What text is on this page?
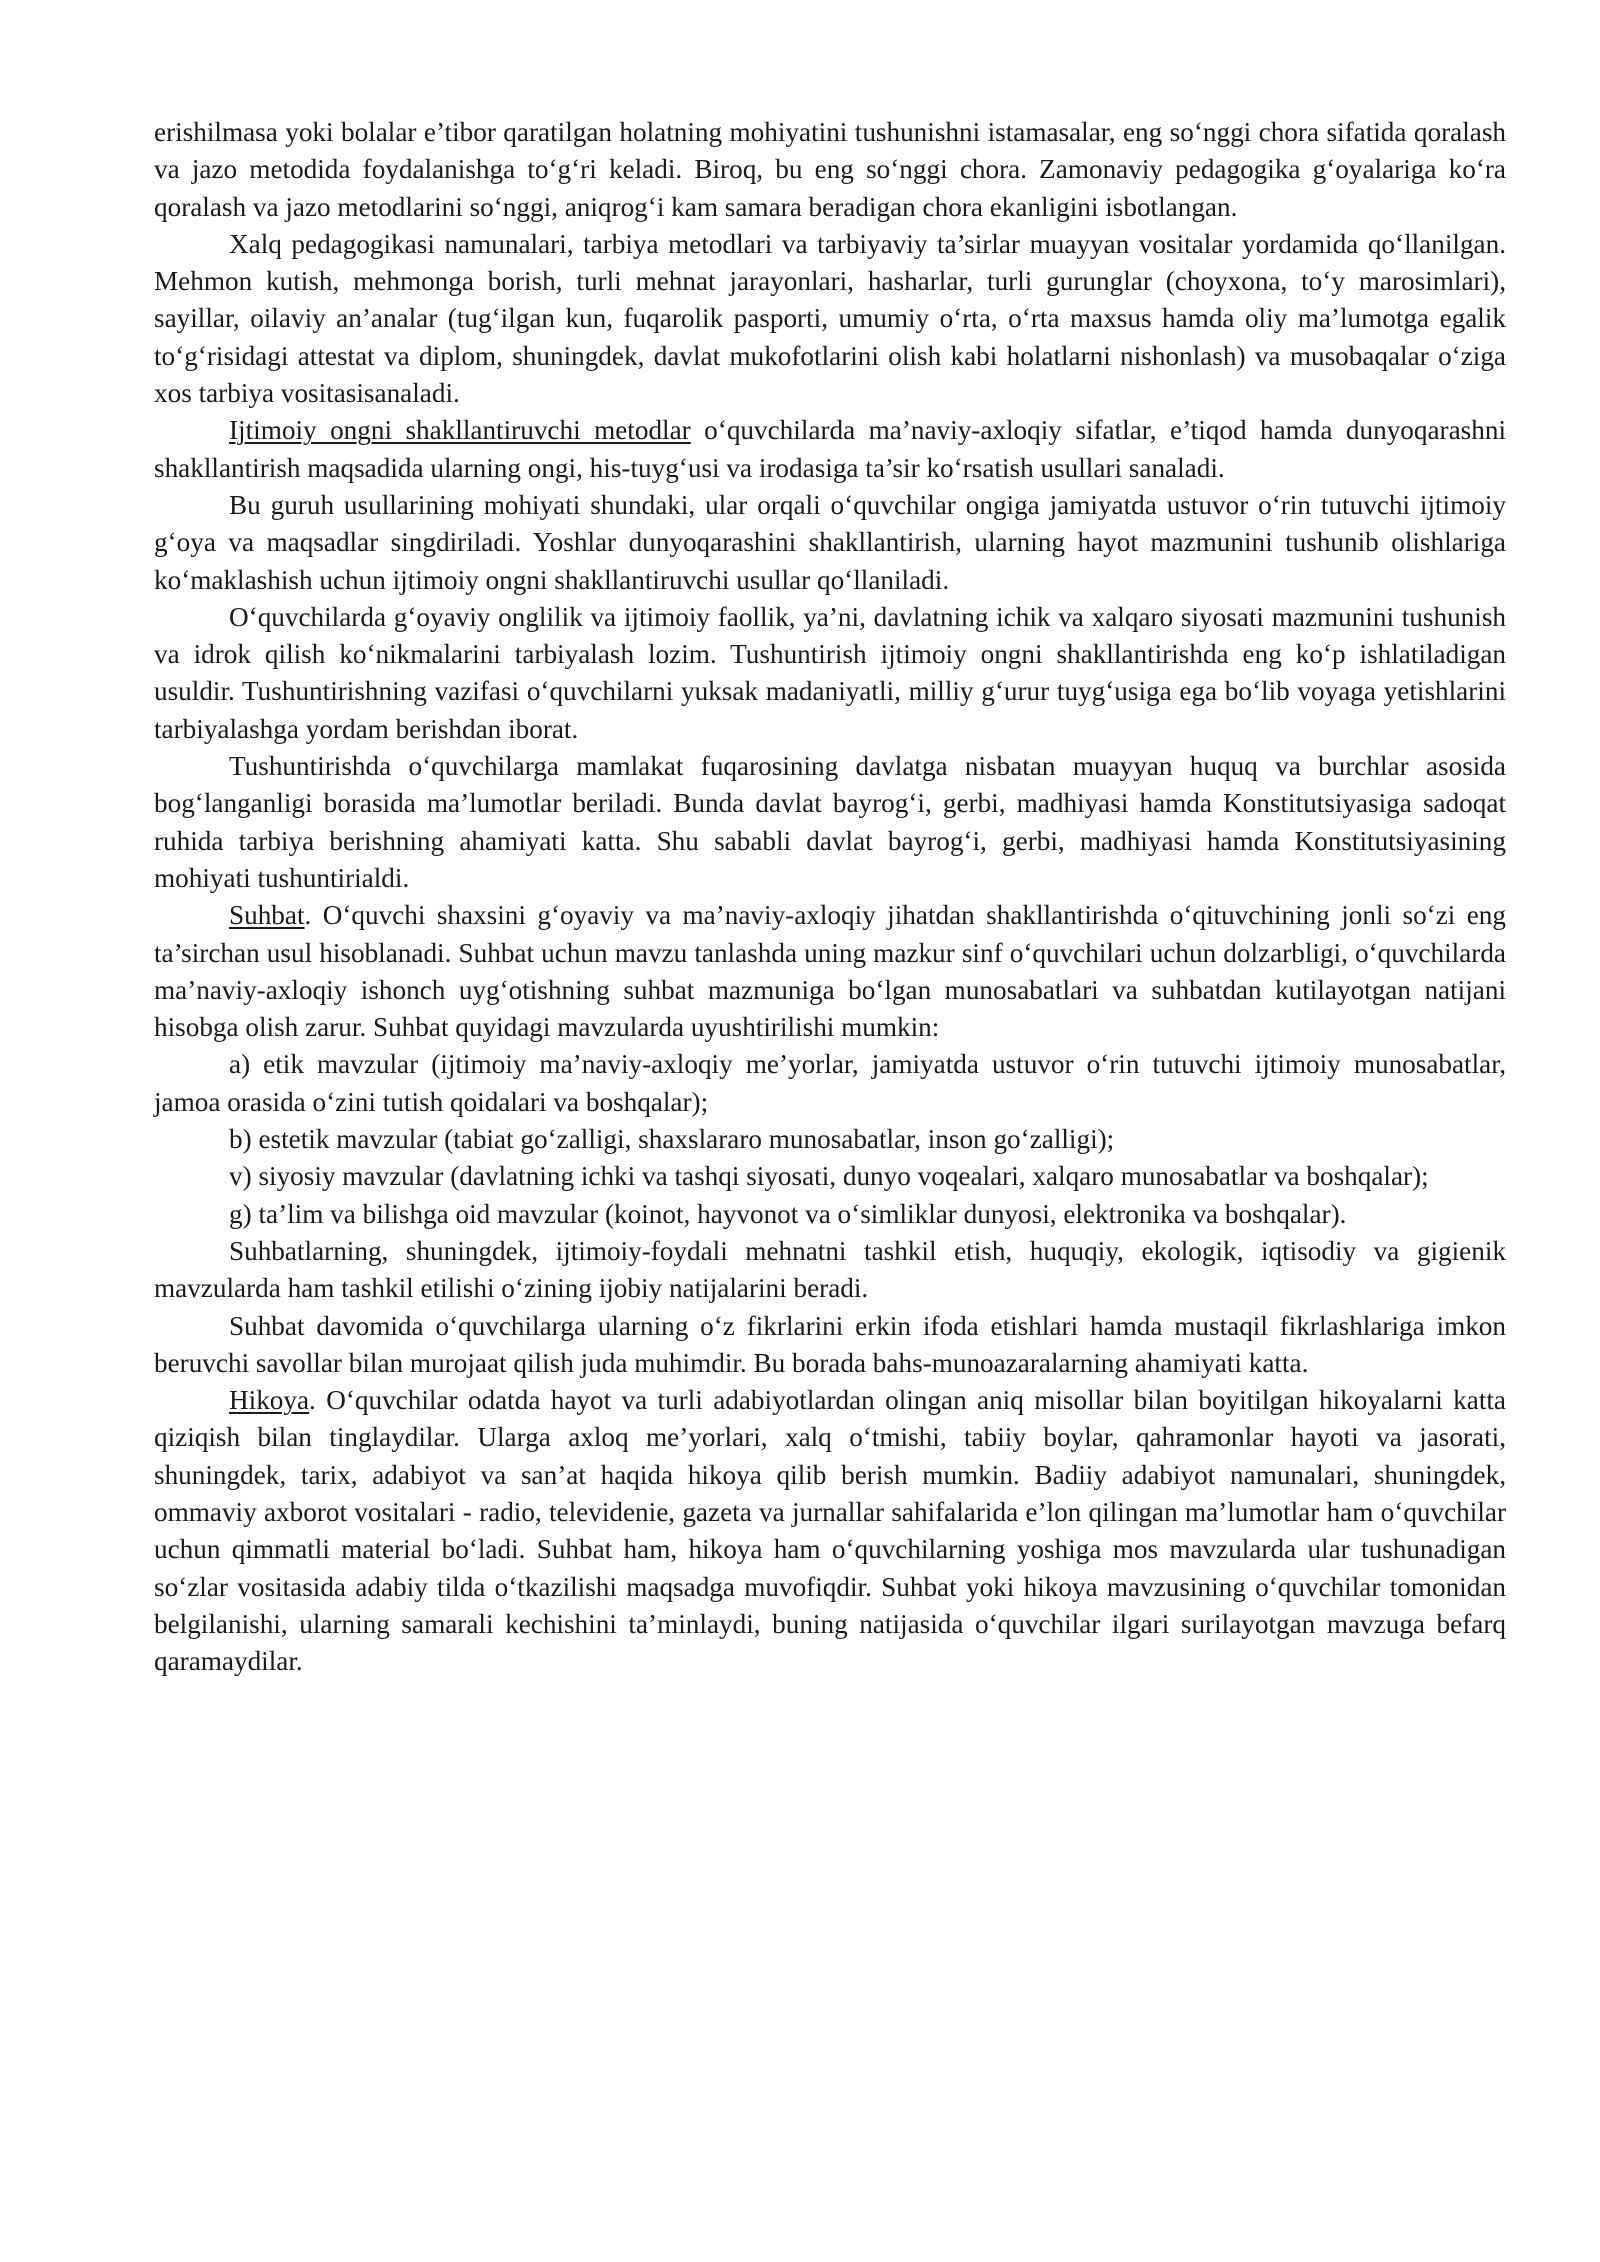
erishilmasa yoki bolalar e’tibor qaratilgan holatning mohiyatini tushunishni istamasalar, eng so‘nggi chora sifatida qoralash va jazo metodida foydalanishga to‘g‘ri keladi. Biroq, bu eng so‘nggi chora. Zamonaviy pedagogika g‘oyalariga ko‘ra qoralash va jazo metodlarini so‘nggi, aniqrog‘i kam samara beradigan chora ekanligini isbotlangan.

Xalq pedagogikasi namunalari, tarbiya metodlari va tarbiyaviy ta’sirlar muayyan vositalar yordamida qo‘llanilgan. Mehmon kutish, mehmonga borish, turli mehnat jarayonlari, hasharlar, turli gurunglar (choyxona, to‘y marosimlari), sayillar, oilaviy an’analar (tug‘ilgan kun, fuqarolik pasporti, umumiy o‘rta, o‘rta maxsus hamda oliy ma’lumotga egalik to‘g‘risidagi attestat va diplom, shuningdek, davlat mukofotlarini olish kabi holatlarni nishonlash) va musobaqalar o‘ziga xos tarbiya vositasisanaladi.

Ijtimoiy ongni shakllantiruvchi metodlar o‘quvchilarda ma’naviy-axloqiy sifatlar, e’tiqod hamda dunyoqarashni shakllantirish maqsadida ularning ongi, his-tuyg‘usi va irodasiga ta’sir ko‘rsatish usullari sanaladi.

Bu guruh usullarining mohiyati shundaki, ular orqali o‘quvchilar ongiga jamiyatda ustuvor o‘rin tutuvchi ijtimoiy g‘oya va maqsadlar singdiriladi. Yoshlar dunyoqarashini shakllantirish, ularning hayot mazmunini tushunib olishlariga ko‘maklashish uchun ijtimoiy ongni shakllantiruvchi usullar qo‘llaniladi.

O‘quvchilarda g‘oyaviy onglilik va ijtimoiy faollik, ya’ni, davlatning ichik va xalqaro siyosati mazmunini tushunish va idrok qilish ko‘nikmalarini tarbiyalash lozim. Tushuntirish ijtimoiy ongni shakllantirishda eng ko‘p ishlatiladigan usuldir. Tushuntirishning vazifasi o‘quvchilarni yuksak madaniyatli, milliy g‘urur tuyg‘usiga ega bo‘lib voyaga yetishlarini tarbiyalashga yordam berishdan iborat.

Tushuntirishda o‘quvchilarga mamlakat fuqarosining davlatga nisbatan muayyan huquq va burchlar asosida bog‘langanligi borasida ma’lumotlar beriladi. Bunda davlat bayrog‘i, gerbi, madhiyasi hamda Konstitutsiyasiga sadoqat ruhida tarbiya berishning ahamiyati katta. Shu sababli davlat bayrog‘i, gerbi, madhiyasi hamda Konstitutsiyasining mohiyati tushuntirialdi.

Suhbat. O‘quvchi shaxsini g‘oyaviy va ma’naviy-axloqiy jihatdan shakllantirishda o‘qituvchining jonli so‘zi eng ta’sirchan usul hisoblanadi. Suhbat uchun mavzu tanlashda uning mazkur sinf o‘quvchilari uchun dolzarbligi, o‘quvchilarda ma’naviy-axloqiy ishonch uyg‘otishning suhbat mazmuniga bo‘lgan munosabatlari va suhbatdan kutilayotgan natijani hisobga olish zarur. Suhbat quyidagi mavzularda uyushtirilishi mumkin:

a) etik mavzular (ijtimoiy ma’naviy-axloqiy me’yorlar, jamiyatda ustuvor o‘rin tutuvchi ijtimoiy munosabatlar, jamoa orasida o‘zini tutish qoidalari va boshqalar);

b) estetik mavzular (tabiat go‘zalligi, shaxslararo munosabatlar, inson go‘zalligi);

v) siyosiy mavzular (davlatning ichki va tashqi siyosati, dunyo voqealari, xalqaro munosabatlar va boshqalar);

g) ta’lim va bilishga oid mavzular (koinot, hayvonot va o‘simliklar dunyosi, elektronika va boshqalar).

Suhbatlarning, shuningdek, ijtimoiy-foydali mehnatni tashkil etish, huquqiy, ekologik, iqtisodiy va gigienik mavzularda ham tashkil etilishi o‘zining ijobiy natijalarini beradi.

Suhbat davomida o‘quvchilarga ularning o‘z fikrlarini erkin ifoda etishlari hamda mustaqil fikrlashlariga imkon beruvchi savollar bilan murojaat qilish juda muhimdir. Bu borada bahs-munoazaralarning ahamiyati katta.

Hikoya. O‘quvchilar odatda hayot va turli adabiyotlardan olingan aniq misollar bilan boyitilgan hikoyalarni katta qiziqish bilan tinglaydilar. Ularga axloq me’yorlari, xalq o‘tmishi, tabiiy boylar, qahramonlar hayoti va jasorati, shuningdek, tarix, adabiyot va san’at haqida hikoya qilib berish mumkin. Badiiy adabiyot namunalari, shuningdek, ommaviy axborot vositalari - radio, televidenie, gazeta va jurnallar sahifalarida e’lon qilingan ma’lumotlar ham o‘quvchilar uchun qimmatli material bo‘ladi. Suhbat ham, hikoya ham o‘quvchilarning yoshiga mos mavzularda ular tushunadigan so‘zlar vositasida adabiy tilda o‘tkazilishi maqsadga muvofiqdir. Suhbat yoki hikoya mavzusining o‘quvchilar tomonidan belgilanishi, ularning samarali kechishini ta’minlaydi, buning natijasida o‘quvchilar ilgari surilayotgan mavzuga befarq qaramaydilar.
